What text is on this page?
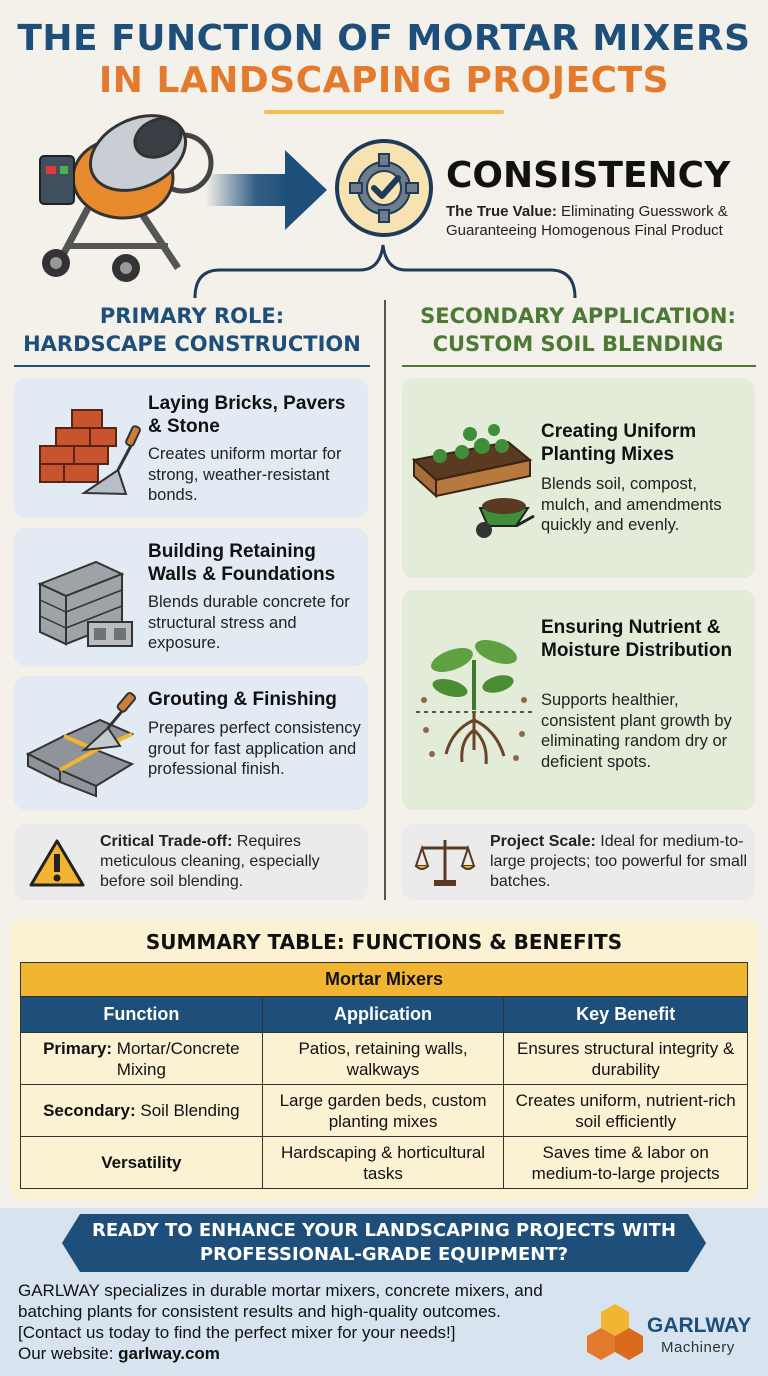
THE FUNCTION OF MORTAR MIXERS
IN LANDSCAPING PROJECTS
CONSISTENCY
The True Value: Eliminating Guesswork & Guaranteeing Homogenous Final Product
PRIMARY ROLE:
HARDSCAPE CONSTRUCTION
Laying Bricks, Pavers & Stone

Creates uniform mortar for strong, weather-resistant bonds.

Building Retaining Walls & Foundations

Blends durable concrete for structural stress and exposure.

Grouting & Finishing

Prepares perfect consistency grout for fast application and professional finish.

Critical Trade-off: Requires meticulous cleaning, especially before soil blending.
SECONDARY APPLICATION:
CUSTOM SOIL BLENDING
Creating Uniform Planting Mixes

Blends soil, compost, mulch, and amendments quickly and evenly.

Ensuring Nutrient & Moisture Distribution

Supports healthier, consistent plant growth by eliminating random dry or deficient spots.

Project Scale: Ideal for medium-to-large projects; too powerful for small batches.
SUMMARY TABLE: FUNCTIONS & BENEFITS
Mortar Mixers		
Function	Application	Key Benefit
Primary: Mortar/Concrete Mixing	Patios, retaining walls, walkways	Ensures structural integrity & durability
Secondary: Soil Blending	Large garden beds, custom planting mixes	Creates uniform, nutrient-rich soil efficiently
Versatility	Hardscaping & horticultural tasks	Saves time & labor on medium-to-large projects
READY TO ENHANCE YOUR LANDSCAPING PROJECTS WITH PROFESSIONAL-GRADE EQUIPMENT?
GARLWAY specializes in durable mortar mixers, concrete mixers, and batching plants for consistent results and high-quality outcomes.
[Contact us today to find the perfect mixer for your needs!]
Our website: garlway.com
GARLWAY
Machinery
